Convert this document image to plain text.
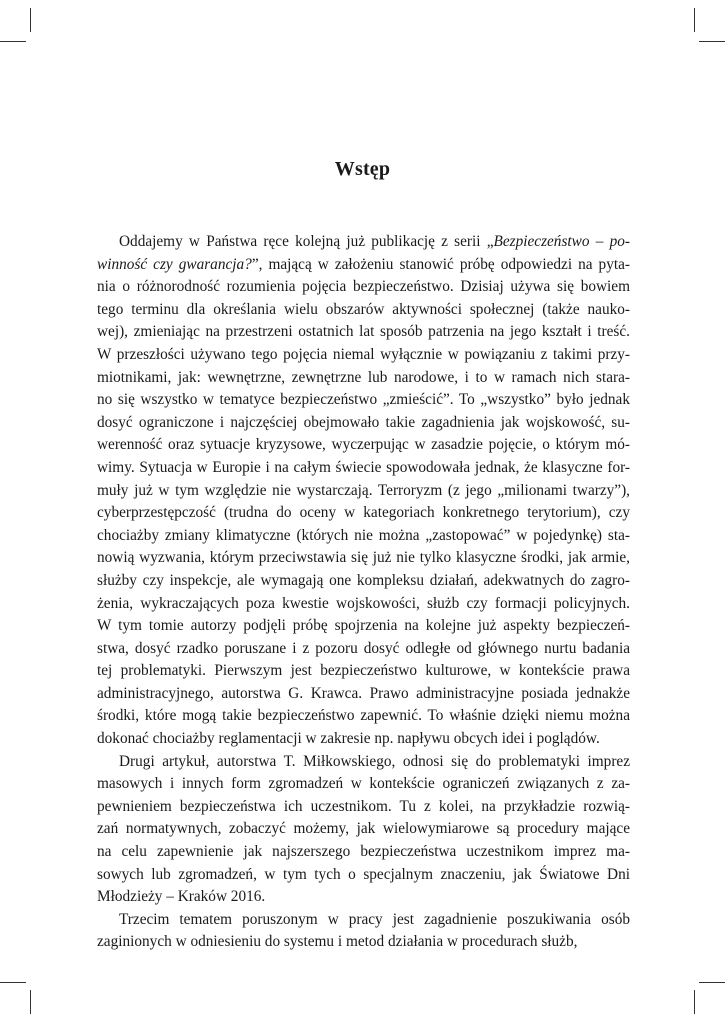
Wstęp
Oddajemy w Państwa ręce kolejną już publikację z serii „Bezpieczeństwo – po-
winność czy gwarancja?”, mającą w założeniu stanowić próbę odpowiedzi na pyta-
nia o różnorodność rozumienia pojęcia bezpieczeństwo. Dzisiaj używa się bowiem
tego terminu dla określania wielu obszarów aktywności społecznej (także nauko-
wej), zmieniając na przestrzeni ostatnich lat sposób patrzenia na jego kształt i treść.
W przeszłości używano tego pojęcia niemal wyłącznie w powiązaniu z takimi przy-
miotnikami, jak: wewnętrzne, zewnętrzne lub narodowe, i to w ramach nich stara-
no się wszystko w tematyce bezpieczeństwo „zmieścić”. To „wszystko” było jednak
dosyć ograniczone i najczęściej obejmowało takie zagadnienia jak wojskowość, su-
werenność oraz sytuacje kryzysowe, wyczerpując w zasadzie pojęcie, o którym mó-
wimy. Sytuacja w Europie i na całym świecie spowodowała jednak, że klasyczne for-
muły już w tym względzie nie wystarczają. Terroryzm (z jego „milionami twarzy”),
cyberprzestępczość (trudna do oceny w kategoriach konkretnego terytorium), czy
chociażby zmiany klimatyczne (których nie można „zastopować” w pojedynkę) sta-
nowią wyzwania, którym przeciwstawia się już nie tylko klasyczne środki, jak armie,
służby czy inspekcje, ale wymagają one kompleksu działań, adekwatnych do zagro-
żenia, wykraczających poza kwestie wojskowości, służb czy formacji policyjnych.
W tym tomie autorzy podjęli próbę spojrzenia na kolejne już aspekty bezpieczeń-
stwa, dosyć rzadko poruszane i z pozoru dosyć odległe od głównego nurtu badania
tej problematyki. Pierwszym jest bezpieczeństwo kulturowe, w kontekście prawa
administracyjnego, autorstwa G. Krawca. Prawo administracyjne posiada jednakże
środki, które mogą takie bezpieczeństwo zapewnić. To właśnie dzięki niemu można
dokonać chociażby reglamentacji w zakresie np. napływu obcych idei i poglądów.
Drugi artykuł, autorstwa T. Miłkowskiego, odnosi się do problematyki imprez
masowych i innych form zgromadzeń w kontekście ograniczeń związanych z za-
pewnieniem bezpieczeństwa ich uczestnikom. Tu z kolei, na przykładzie rozwią-
zań normatywnych, zobaczyć możemy, jak wielowymiarowe są procedury mające
na celu zapewnienie jak najszerszego bezpieczeństwa uczestnikom imprez ma-
sowych lub zgromadzeń, w tym tych o specjalnym znaczeniu, jak Światowe Dni
Młodzieży – Kraków 2016.
Trzecim tematem poruszonym w pracy jest zagadnienie poszukiwania osób
zaginionych w odniesieniu do systemu i metod działania w procedurach służb,
